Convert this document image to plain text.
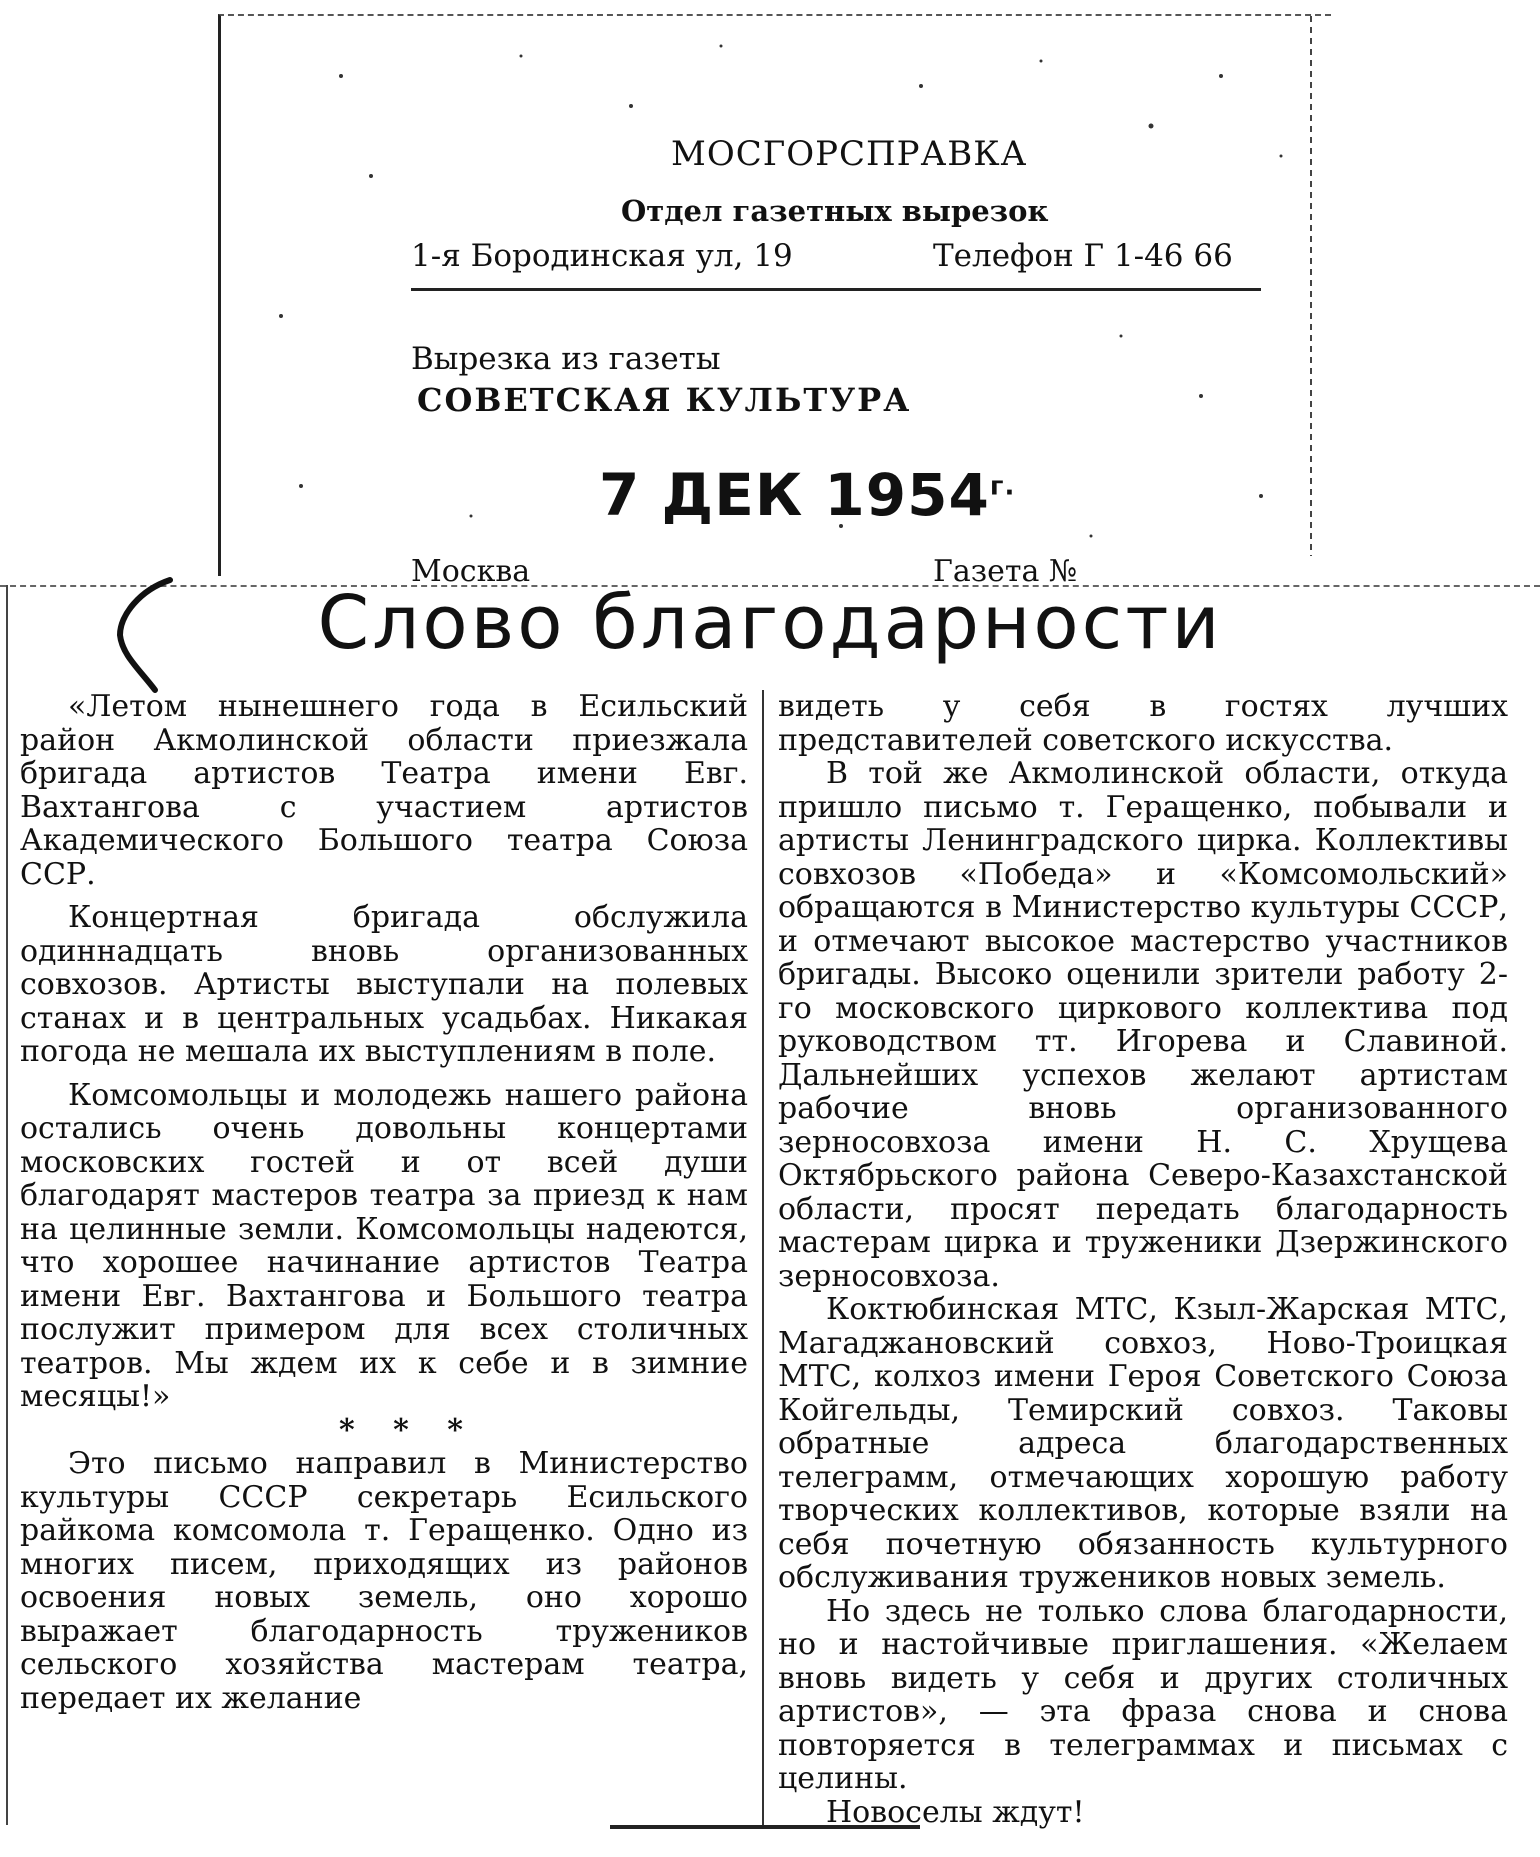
МОСГОРСПРАВКА
Отдел газетных вырезок
1-я Бородинская ул, 19	Телефон Г 1-46 66
Вырезка из газеты
СОВЕТСКАЯ КУЛЬТУРА
7 ДЕК $1954^{г.}$
Москва	Газета №
Слово благодарности

«Летом нынешнего года в Есильский район Акмолинской области приезжала бригада артистов Театра имени Евг. Вахтангова с участием артистов Академического Большого театра Союза ССР.

Концертная бригада обслужила одиннадцать вновь организованных совхозов. Артисты выступали на полевых станах и в центральных усадьбах. Никакая погода не мешала их выступлениям в поле.

Комсомольцы и молодежь нашего района остались очень довольны концертами московских гостей и от всей души благодарят мастеров театра за приезд к нам на целинные земли. Комсомольцы надеются, что хорошее начинание артистов Театра имени Евг. Вахтангова и Большого театра послужит примером для всех столичных театров. Мы ждем их к себе и в зимние месяцы!»

* * *

Это письмо направил в Министерство культуры СССР секретарь Есильского райкома комсомола т. Геращенко. Одно из многих писем, приходящих из районов освоения новых земель, оно хорошо выражает благодарность тружеников сельского хозяйства мастерам театра, передает их желание

видеть у себя в гостях лучших представителей советского искусства.

В той же Акмолинской области, откуда пришло письмо т. Геращенко, побывали и артисты Ленинградского цирка. Коллективы совхозов «Победа» и «Комсомольский» обращаются в Министерство культуры СССР, и отмечают высокое мастерство участников бригады. Высоко оценили зрители работу 2-го московского циркового коллектива под руководством тт. Игорева и Славиной. Дальнейших успехов желают артистам рабочие вновь организованного зерносовхоза имени Н. С. Хрущева Октябрьского района Северо-Казахстанской области, просят передать благодарность мастерам цирка и труженики Дзержинского зерносовхоза.

Коктюбинская МТС, Кзыл-Жарская МТС, Магаджановский совхоз, Ново-Троицкая МТС, колхоз имени Героя Советского Союза Койгельды, Темирский совхоз. Таковы обратные адреса благодарственных телеграмм, отмечающих хорошую работу творческих коллективов, которые взяли на себя почетную обязанность культурного обслуживания тружеников новых земель.

Но здесь не только слова благодарности, но и настойчивые приглашения. «Желаем вновь видеть у себя и других столичных артистов», — эта фраза снова и снова повторяется в телеграммах и письмах с целины.

Новоселы ждут!
